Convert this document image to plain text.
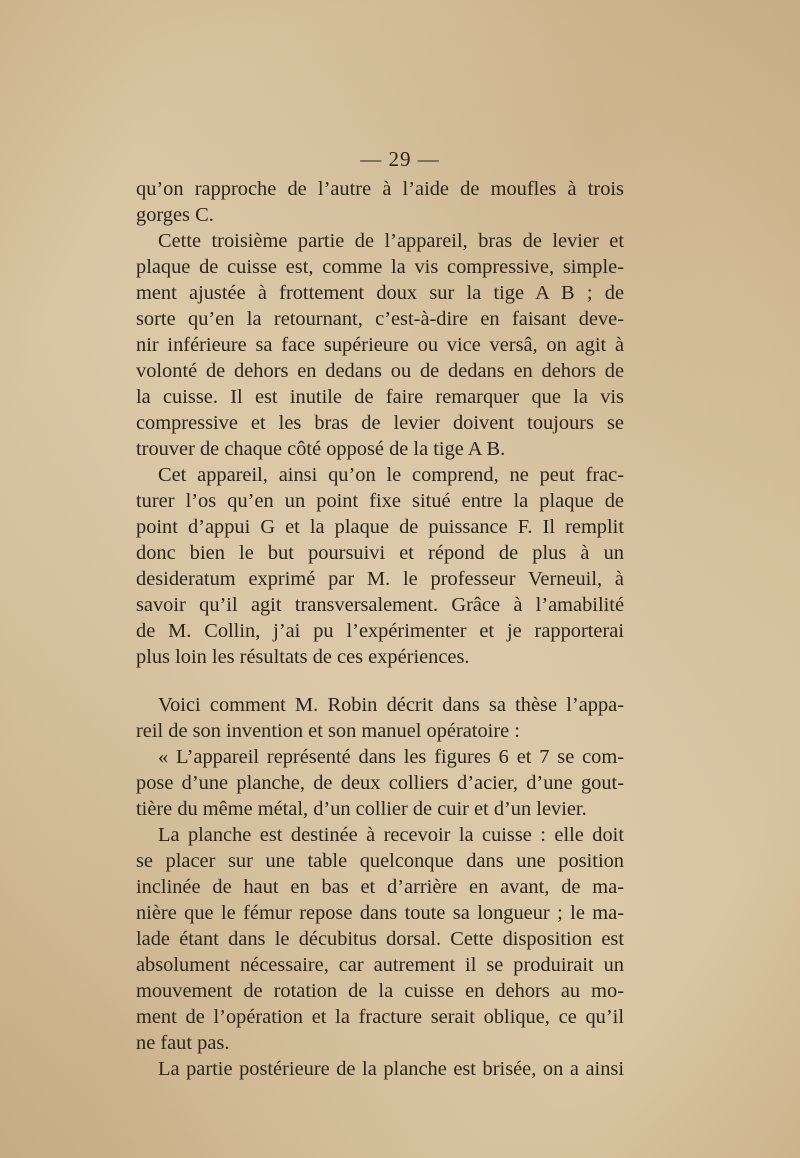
— 29 —

qu’on rapproche de l’autre à l’aide de moufles à trois
gorges C.

Cette troisième partie de l’appareil, bras de levier et
plaque de cuisse est, comme la vis compressive, simple-
ment ajustée à frottement doux sur la tige A B ; de
sorte qu’en la retournant, c’est-à-dire en faisant deve-
nir inférieure sa face supérieure ou vice versâ, on agit à
volonté de dehors en dedans ou de dedans en dehors de
la cuisse. Il est inutile de faire remarquer que la vis
compressive et les bras de levier doivent toujours se
trouver de chaque côté opposé de la tige A B.

Cet appareil, ainsi qu’on le comprend, ne peut frac-
turer l’os qu’en un point fixe situé entre la plaque de
point d’appui G et la plaque de puissance F. Il remplit
donc bien le but poursuivi et répond de plus à un
desideratum exprimé par M. le professeur Verneuil, à
savoir qu’il agit transversalement. Grâce à l’amabilité
de M. Collin, j’ai pu l’expérimenter et je rapporterai
plus loin les résultats de ces expériences.

Voici comment M. Robin décrit dans sa thèse l’appa-
reil de son invention et son manuel opératoire :

« L’appareil représenté dans les figures 6 et 7 se com-
pose d’une planche, de deux colliers d’acier, d’une gout-
tière du même métal, d’un collier de cuir et d’un levier.

La planche est destinée à recevoir la cuisse : elle doit
se placer sur une table quelconque dans une position
inclinée de haut en bas et d’arrière en avant, de ma-
nière que le fémur repose dans toute sa longueur ; le ma-
lade étant dans le décubitus dorsal. Cette disposition est
absolument nécessaire, car autrement il se produirait un
mouvement de rotation de la cuisse en dehors au mo-
ment de l’opération et la fracture serait oblique, ce qu’il
ne faut pas.

La partie postérieure de la planche est brisée, on a ainsi
